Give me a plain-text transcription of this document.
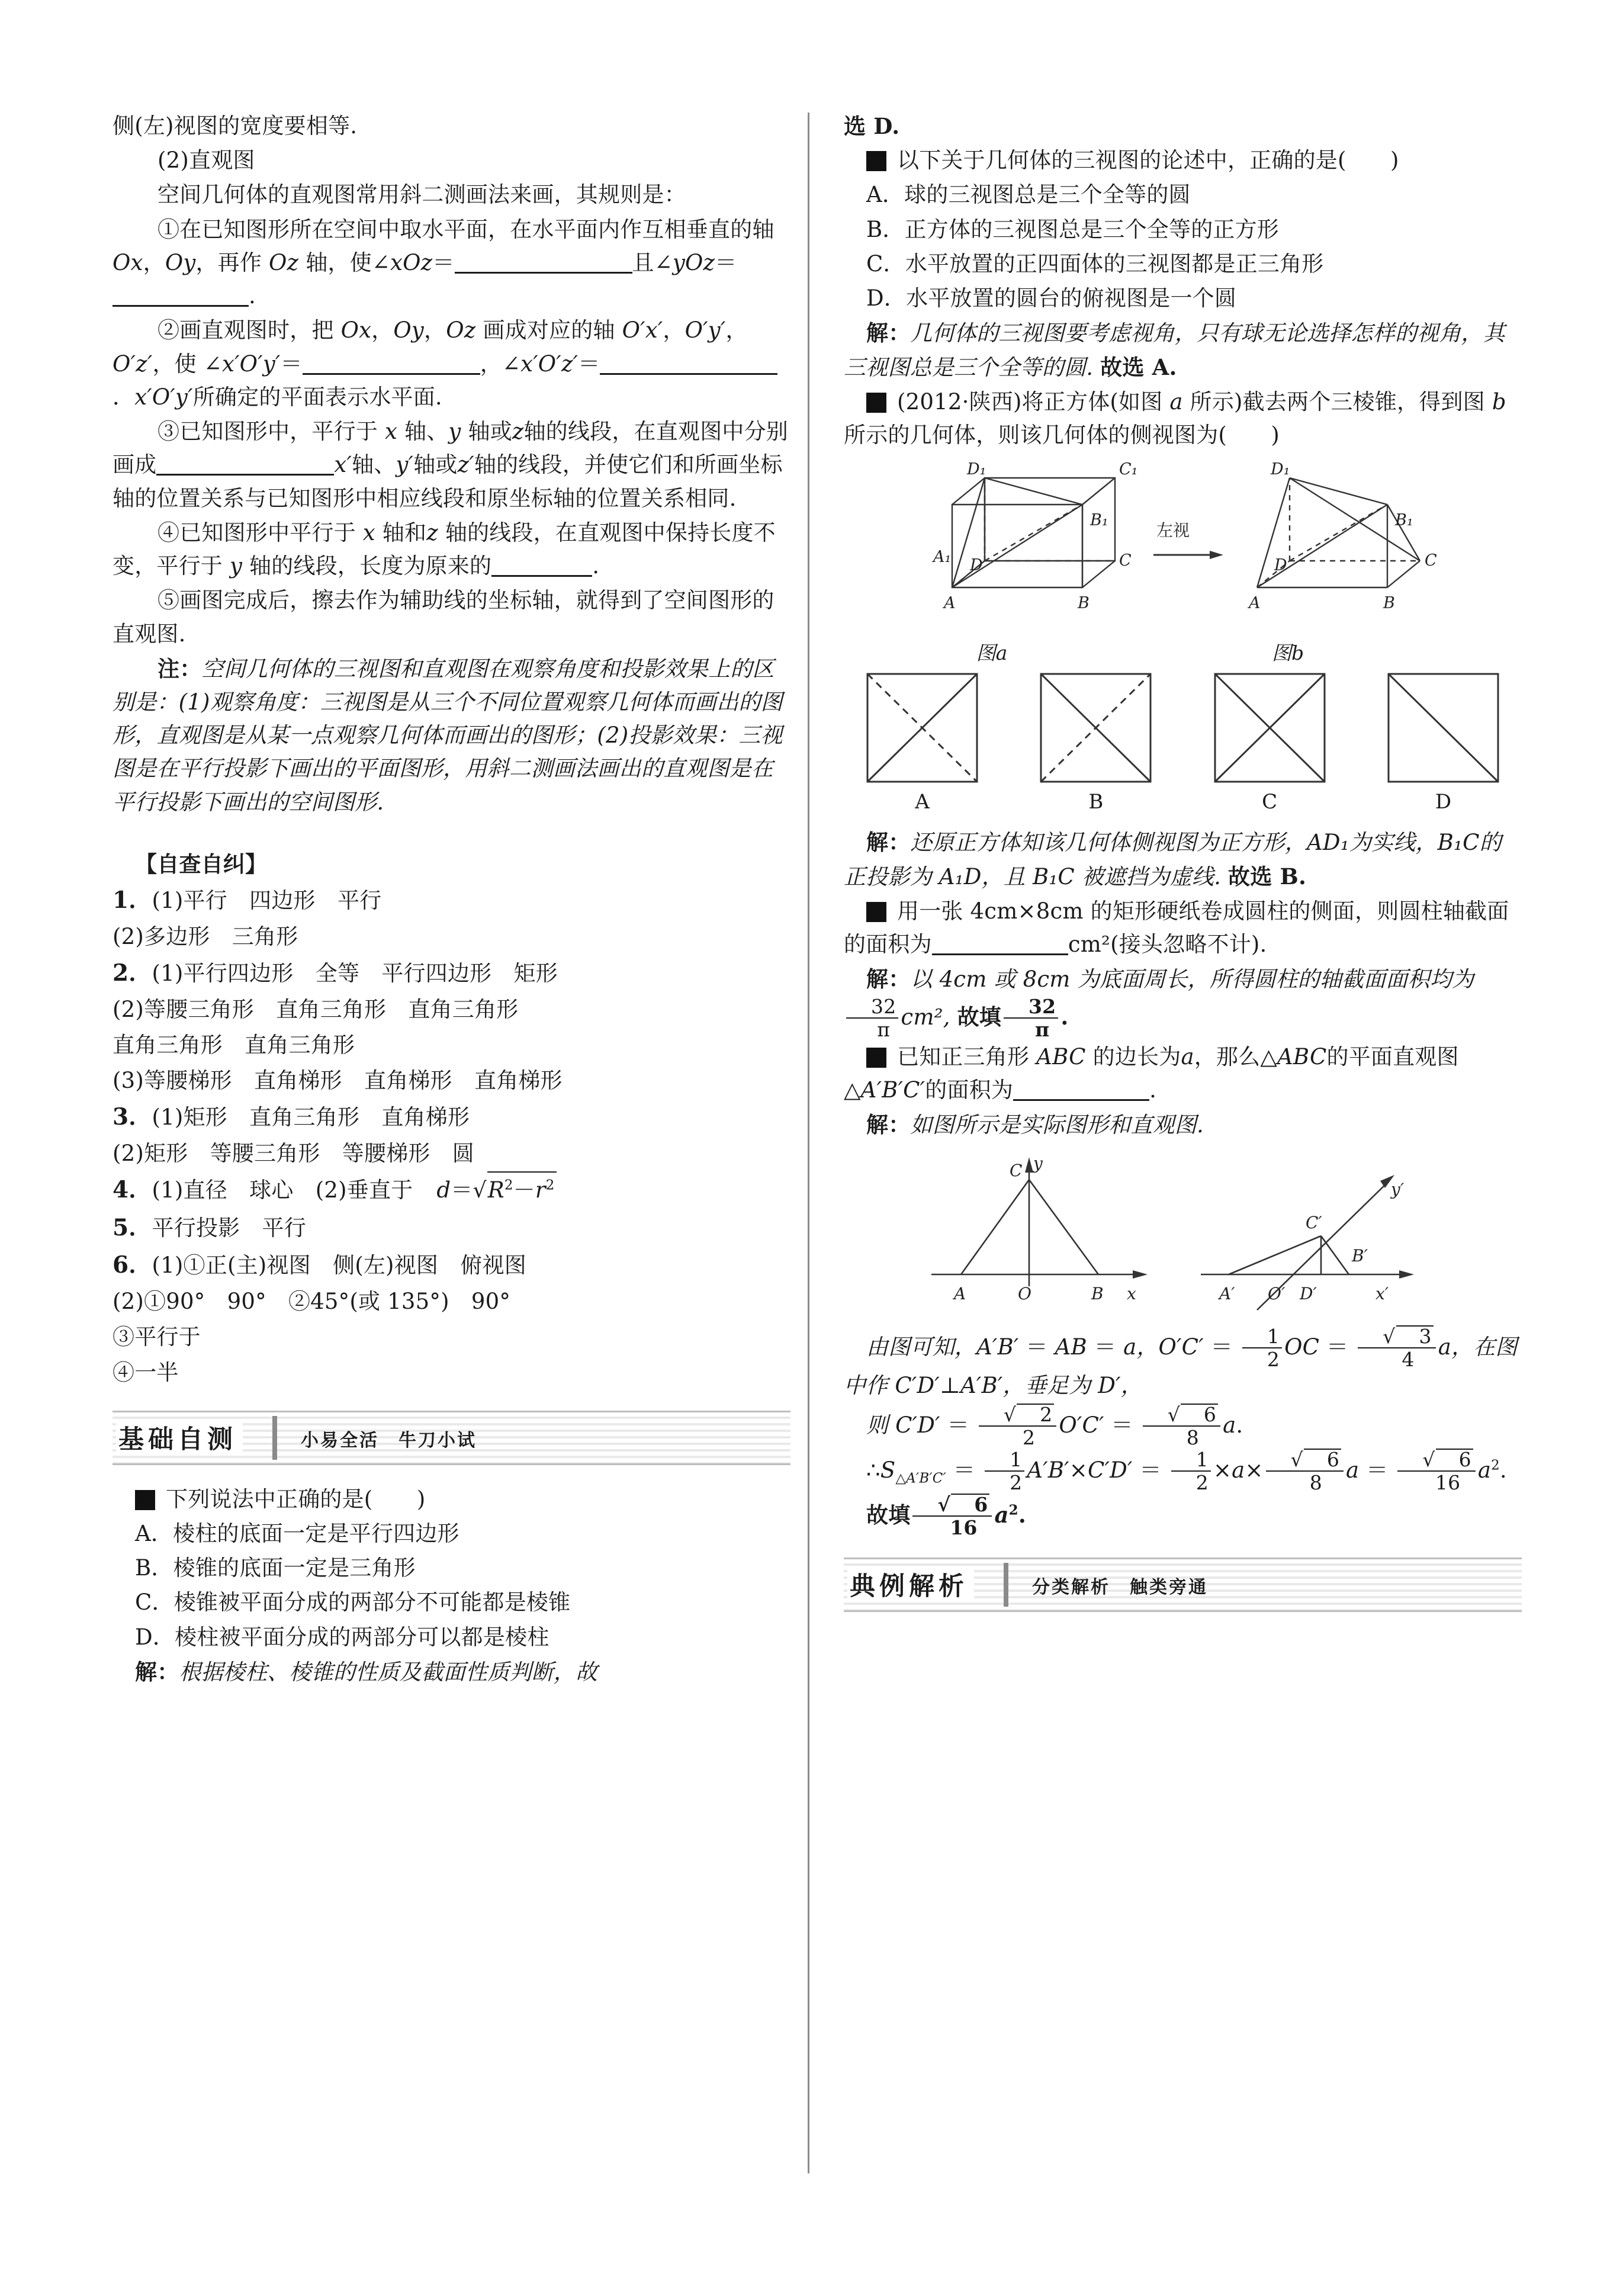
侧(左)视图的宽度要相等.

(2)直观图

空间几何体的直观图常用斜二测画法来画，其规则是：

①在已知图形所在空间中取水平面，在水平面内作互相垂直的轴 Ox，Oy，再作 Oz 轴，使∠xOz＝	且∠yOz＝.

②画直观图时，把 Ox，Oy，Oz 画成对应的轴 O′x′，O′y′，O′z′，使 ∠x′O′y′＝	，∠x′O′z′＝．x′O′y′所确定的平面表示水平面.

③已知图形中，平行于 x 轴、y 轴或z轴的线段，在直观图中分别画成	x′轴、y′轴或z′轴的线段，并使它们和所画坐标轴的位置关系与已知图形中相应线段和原坐标轴的位置关系相同.

④已知图形中平行于 x 轴和z 轴的线段，在直观图中保持长度不变，平行于 y 轴的线段，长度为原来的	.

⑤画图完成后，擦去作为辅助线的坐标轴，就得到了空间图形的直观图.

注：空间几何体的三视图和直观图在观察角度和投影效果上的区别是：(1)观察角度：三视图是从三个不同位置观察几何体而画出的图形，直观图是从某一点观察几何体而画出的图形；(2)投影效果：三视图是在平行投影下画出的平面图形，用斜二测画法画出的直观图是在平行投影下画出的空间图形.

【自查自纠】

1．(1)平行　四边形　平行

(2)多边形　三角形

2．(1)平行四边形　全等　平行四边形　矩形

(2)等腰三角形　直角三角形　直角三角形

直角三角形　直角三角形

(3)等腰梯形　直角梯形　直角梯形　直角梯形

3．(1)矩形　直角三角形　直角梯形

(2)矩形　等腰三角形　等腰梯形　圆

4．(1)直径　球心　(2)垂直于 $d=√R^2-r^2$

5．平行投影　平行

6．(1)①正(主)视图　侧(左)视图　俯视图

(2)①90°　90°　②45°(或 135°)　90°

③平行于

④一半

基础自测	小易全活　牛刀小试

1下列说法中正确的是(　　)

A．棱柱的底面一定是平行四边形

B．棱锥的底面一定是三角形

C．棱锥被平面分成的两部分不可能都是棱锥

D．棱柱被平面分成的两部分可以都是棱柱

解：根据棱柱、棱锥的性质及截面性质判断，故

选 D.

2以下关于几何体的三视图的论述中，正确的是(　　)

A．球的三视图总是三个全等的圆

B．正方体的三视图总是三个全等的正方形

C．水平放置的正四面体的三视图都是正三角形

D．水平放置的圆台的俯视图是一个圆

解：几何体的三视图要考虑视角，只有球无论选择怎样的视角，其三视图总是三个全等的圆. 故选 A.

3(2012·陕西)将正方体(如图 a 所示)截去两个三棱锥，得到图 b 所示的几何体，则该几何体的侧视图为(　　)

D₁	C₁
A₁
B₁
D	C
A	B
左视
D₁
B₁
D	C
A	B
图a	图b
A	B	C	D

解：还原正方体知该几何体侧视图为正方形，AD₁为实线，B₁C的正投影为 A₁D，且 B₁C 被遮挡为虚线. 故选 B.

4用一张 4cm×8cm 的矩形硬纸卷成圆柱的侧面，则圆柱轴截面的面积为	cm²(接头忽略不计).

解：以 4cm 或 8cm 为底面周长，所得圆柱的轴截面面积均为
$\frac{32}{\pi} cm^2$, 故填 $\frac{32}{\pi}$ .

5已知正三角形 ABC 的边长为a，那么△ABC的平面直观图△A′B′C′的面积为	.

解：如图所示是实际图形和直观图.

C
A	O	B x
y
C′
A′ O′ D′
B′
x′
y′

由图可知，A′B′ ＝ AB ＝ a，$O'C' = \frac{1}{2}$ OC ＝ $\frac{√ 3}{4}$ a，在图中作 C′D′⊥A′B′，垂足为 D′，

则 $C'D' = \frac{√ 2}{2} O'C' = \frac{√ 6}{8} a$.

$\therefore S_{\triangle A'B'C'} = \frac{1}{2} A'B'\times C'D' = \frac{1}{2} \times a\times \frac{√ 6}{8}$ $a = \frac{√ 6}{16} a^2$.

故填 $\frac{√ 6}{16} a^2$.

典例解析	分类解析　触类旁通
